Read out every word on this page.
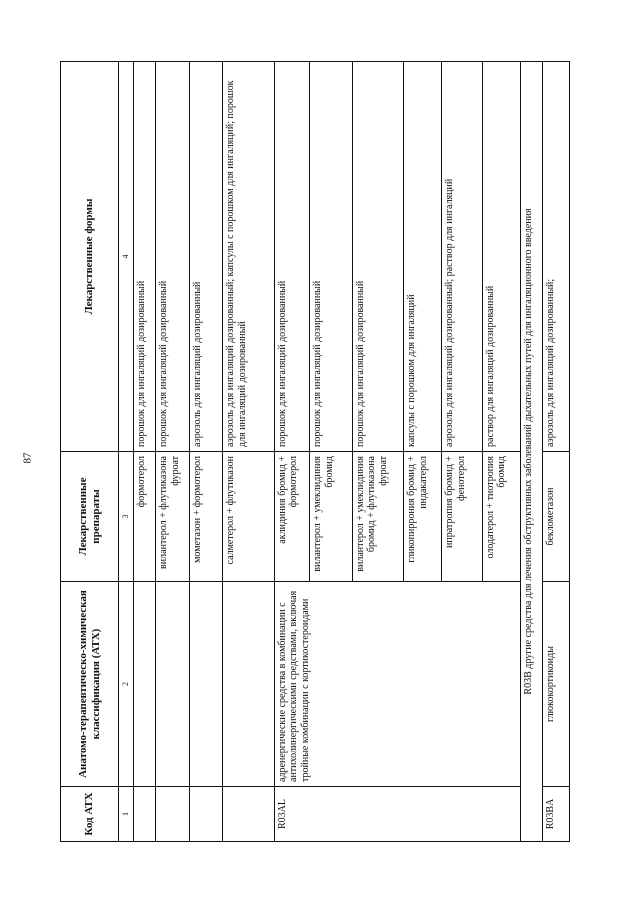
87
Код АТХ	Анатомо-терапевтическо-химическая классификация (АТХ)	Лекарственные препараты	Лекарственные формы
1	2	3	4
		формотерол	порошок для ингаляций дозированный
		вилантерол + флутиказона фуроат	порошок для ингаляций дозированный
		мометазон + формотерол	аэрозоль для ингаляций дозированный
		салметерол + флутиказон	аэрозоль для ингаляций дозированный; капсулы с порошком для ингаляций; порошок для ингаляций дозированный
R03AL	адренергические средства в комбинации с антихолинергическими средствами, включая тройные комбинации с кортикостероидами	аклидиния бромид + формотерол	порошок для ингаляций дозированный
		вилантерол + умеклидиния бромид	порошок для ингаляций дозированный
		вилантерол + умеклидиния бромид + флутиказона фуроат	порошок для ингаляций дозированный
		гликопиррония бромид + индакатерол	капсулы с порошком для ингаляций
		ипратропия бромид + фенотерол	аэрозоль для ингаляций дозированный; раствор для ингаляций
		олодатерол + тиотропия бромид	раствор для ингаляций дозированный
R03B другие средства для лечения обструктивных заболеваний дыхательных путей для ингаляционного введения			
R03BA	глюкокортикоиды	беклометазон	аэрозоль для ингаляций дозированный;
